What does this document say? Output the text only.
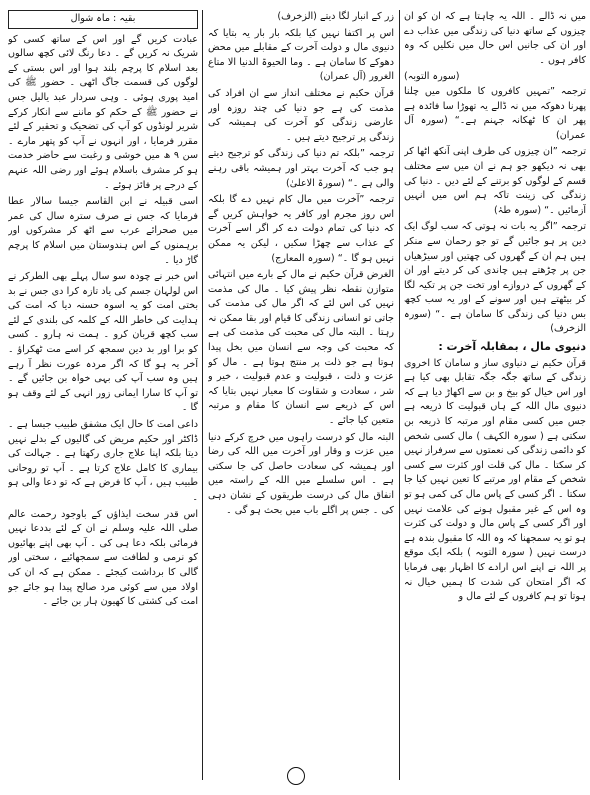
میں نہ ڈالے ۔ اللہ یہ چاہتا ہے کہ ان کو ان چیزوں کے ساتھ دنیا کی زندگی میں عذاب دے اور ان کی جانیں اس حال میں نکلیں کہ وہ کافر ہوں ۔

(سورہ التوبہ)

ترجمہ ”تمہیں کافروں کا ملکوں میں چلنا پھرنا دھوکہ میں نہ ڈالے یہ تھوڑا سا فائدہ ہے پھر ان کا ٹھکانہ جہنم ہے۔“ (سورہ آل عمران)

ترجمہ ”ان چیزوں کی طرف اپنی آنکھ اٹھا کر بھی نہ دیکھو جو ہم نے ان میں سے مختلف قسم کے لوگوں کو برتنے کے لئے دیں ۔ دنیا کی زندگی کی زینت تاکہ ہم اس میں انہیں آزمائیں ۔“ (سورہ طہٰ)

ترجمہ ”اگر یہ بات نہ ہوتی کہ سب لوگ ایک دین پر ہو جائیں گے تو جو رحمان سے منکر ہیں ہم ان کے گھروں کی چھتیں اور سیڑھیاں جن پر چڑھتے ہیں چاندی کی کر دیتے اور ان کے گھروں کے دروازے اور تخت جن پر تکیہ لگا کر بیٹھتے ہیں اور سونے کے اور یہ سب کچھ بس دنیا کی زندگی کا سامان ہے ۔“ (سورہ الزخرف)

دنیوی مال ، بمقابلہ آخرت :

قرآن حکیم نے دنیاوی ساز و سامان کا اخروی زندگی کے ساتھ جگہ جگہ تقابل بھی کیا ہے اور اس خیال کو بیخ و بن سے اکھاڑ دیا ہے کہ دنیوی مال اللہ کے ہاں قبولیت کا ذریعہ ہے جس میں کسی مقام اور مرتبہ کا ذریعہ بن سکتی ہے ( سورہ الکہف ) مال کسی شخص کو دائمی زندگی کی نعمتوں سے سرفراز نہیں کر سکتا ۔ مال کی قلت اور کثرت سے کسی شخص کے مقام اور مرتبے کا تعین نہیں کیا جا سکتا ۔ اگر کسی کے پاس مال کی کمی ہو تو وہ اس کے غیر مقبول ہونے کی علامت نہیں اور اگر کسی کے پاس مال و دولت کی کثرت ہو تو یہ سمجھنا کہ وہ اللہ کا مقبول بندہ ہے درست نہیں ( سورہ التوبہ ) بلکہ ایک موقع پر اللہ نے اپنے اس ارادے کا اظہار بھی فرمایا کہ اگر امتحان کی شدت کا ہمیں خیال نہ ہوتا تو ہم کافروں کے لئے مال و

زر کے انبار لگا دیتے (الزخرف)

اس پر اکتفا نہیں کیا بلکہ بار بار یہ بتایا کہ دنیوی مال و دولت آخرت کے مقابلے میں محض دھوکے کا سامان ہے ۔ وما الحیوۃ الدنیا الا متاع الغرور (آل عمران)

قرآن حکیم نے مختلف انداز سے ان افراد کی مذمت کی ہے جو دنیا کی چند روزہ اور عارضی زندگی کو آخرت کی ہمیشہ کی زندگی پر ترجیح دیتے ہیں ۔

ترجمہ ”بلکہ تم دنیا کی زندگی کو ترجیح دیتے ہو جب کہ آخرت بہتر اور ہمیشہ باقی رہنے والی ہے ۔“ (سورۃ الاعلیٰ)

ترجمہ ”آخرت میں مال کام نہیں دے گا بلکہ اس روز مجرم اور کافر یہ خواہش کریں گے کہ دنیا کی تمام دولت دے کر اگر اسے آخرت کے عذاب سے چھڑا سکیں ، لیکن یہ ممکن نہیں ہو گا ۔“ (سورہ المعارج)

الغرض قرآن حکیم نے مال کے بارے میں انتہائی متوازن نقطہ نظر پیش کیا ۔ مال کی مذمت نہیں کی اس لئے کہ اگر مال کی مذمت کی جاتی تو انسانی زندگی کا قیام اور بقا ممکن نہ رہتا ۔ البتہ مال کی محبت کی مذمت کی ہے کہ محبت کی وجہ سے انسان میں بخل پیدا ہوتا ہے جو ذلت پر منتج ہوتا ہے ۔ مال کو عزت و ذلت ، قبولیت و عدم قبولیت ، خیر و شر ، سعادت و شقاوت کا معیار نہیں بتایا کہ اس کے ذریعے سے انسان کا مقام و مرتبہ متعین کیا جائے ۔

البتہ مال کو درست راہوں میں خرچ کرکے دنیا میں عزت و وقار اور آخرت میں اللہ کی رضا اور ہمیشہ کی سعادت حاصل کی جا سکتی ہے ۔ اس سلسلے میں اللہ کے راستہ میں انفاق مال کی درست طریقوں کے نشان دہی کی ۔ جس پر اگلے باب میں بحث ہو گی ۔

بقیہ : ماہ شوال

عبادت کریں گے اور اس کے ساتھ کسی کو شریک نہ کریں گے ۔ دعا رنگ لائی کچھ سالوں بعد اسلام کا پرچم بلند ہوا اور اس بستی کے لوگوں کی قسمت جاگ اٹھی ۔ حضور ﷺ کی امید پوری ہوئی ۔ وہی سردار عبد یالیل جس نے حضور ﷺ کے حکم کو ماننے سے انکار کرکے شریر لونڈوں کو آپ کی تضحیک و تحقیر کے لئے مقرر فرمایا ، اور انہوں نے آپ کو پتھر مارے ۔ سن ۹ ھ میں خوشی و رغبت سے حاضر خدمت ہو کر مشرف باسلام ہوئے اور رضی اللہ عنہم کے درجے پر فائز ہوئے ۔

اسی قبیلہ نے ابن القاسم جیسا سالار عطا فرمایا کہ جس نے صرف سترہ سال کی عمر میں صحرائے عرب سے اٹھ کر مشرکوں اور برہمنوں کے اس ہندوستان میں اسلام کا پرچم گاڑ دیا ۔

اس خبر نے چودہ سو سال پہلے بھی الطرکر نے اس لولہان جسم کی یاد تازہ کرا دی جس نے بد بختی امت کو یہ اسوہ حسنہ دیا کہ امت کی ہدایت کی خاطر اللہ کے کلمہ کی بلندی کے لئے سب کچھ قربان کرو ۔ ہمت نہ ہارو ۔ کسی کو برا اور بد دین سمجھ کر اسے مت ٹھکراؤ ۔ آخر یہ ہو گا کہ اگر مردہ عورت نظر آ رہے ہیں وہ سب آپ کی بہی خواہ بن جائیں گے ۔ تو آپ کا سارا ایمانی زور انہی کے لئے وقف ہو گا ۔

داعی امت کا حال ایک مشفق طبیب جیسا ہے ۔ ڈاکٹر اور حکیم مریض کی گالیوں کے بدلے نہیں دیتا بلکہ اپنا علاج جاری رکھتا ہے ۔ جہالت کی بیماری کا کامل علاج کرتا ہے ۔ آپ تو روحانی طبیب ہیں ، آپ کا فرض ہے کہ تو دعا والی ہو ۔

اس قدر سخت ایذاؤں کے باوجود رحمت عالم صلی اللہ علیہ وسلم نے ان کے لئے بددعا نہیں فرمائی بلکہ دعا ہی کی ۔ آپ بھی اپنے بھائیوں کو نرمی و لطافت سے سمجھائیے ، سختی اور گالی کا برداشت کیجئے ۔ ممکن ہے کہ ان کی اولاد میں سے کوئی مرد صالح پیدا ہو جائے جو امت کی کشتی کا کھیون ہار بن جائے ۔
